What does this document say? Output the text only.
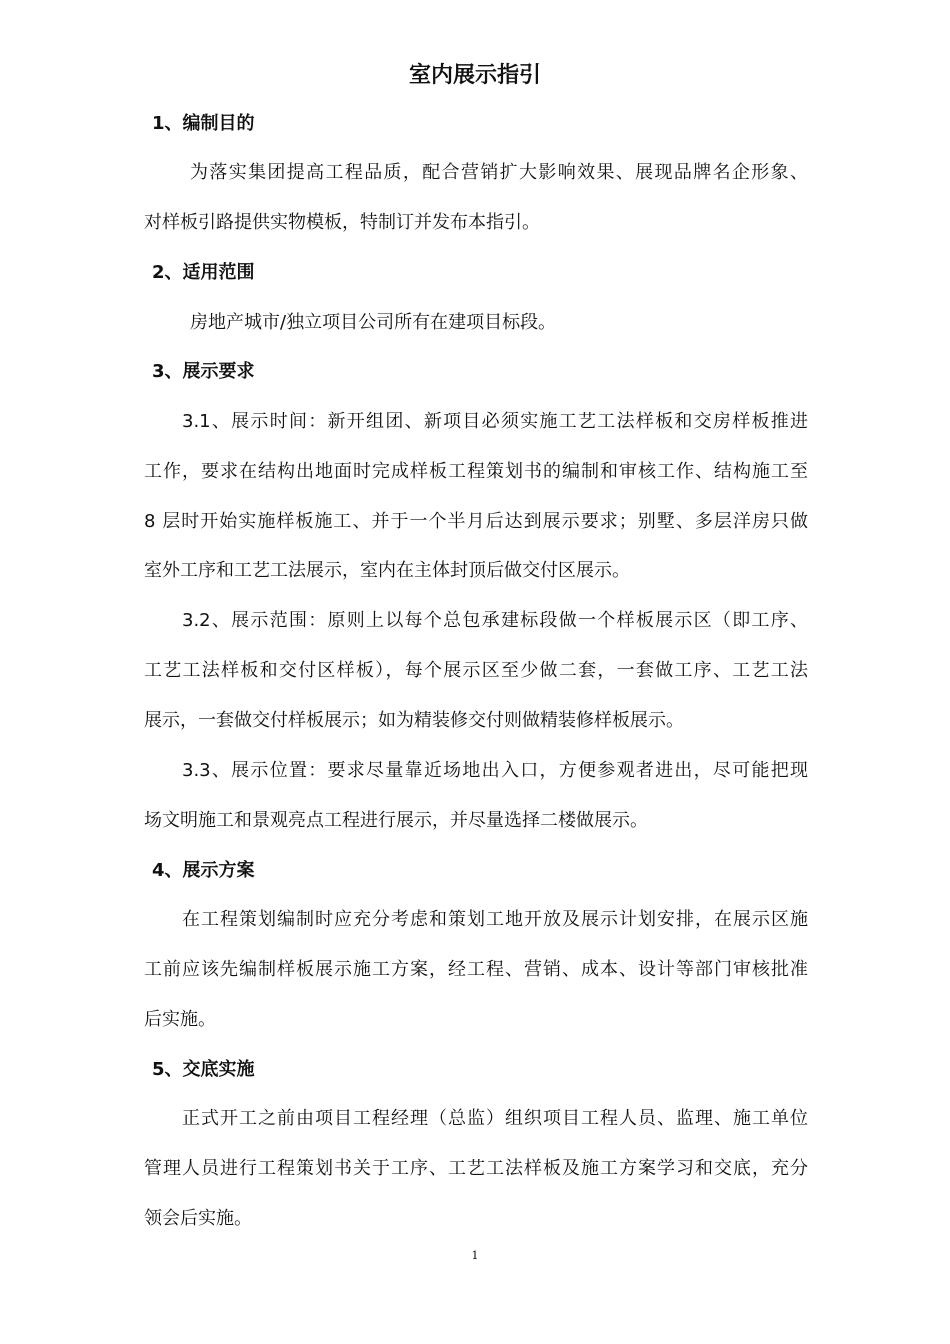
室内展示指引
1、编制目的

为落实集团提高工程品质，配合营销扩大影响效果、展现品牌名企形象、

对样板引路提供实物模板，特制订并发布本指引。

2、适用范围

房地产城市/独立项目公司所有在建项目标段。

3、展示要求

3.1、展示时间：新开组团、新项目必须实施工艺工法样板和交房样板推进

工作，要求在结构出地面时完成样板工程策划书的编制和审核工作、结构施工至

8 层时开始实施样板施工、并于一个半月后达到展示要求；别墅、多层洋房只做

室外工序和工艺工法展示，室内在主体封顶后做交付区展示。

3.2、展示范围：原则上以每个总包承建标段做一个样板展示区（即工序、

工艺工法样板和交付区样板），每个展示区至少做二套，一套做工序、工艺工法

展示，一套做交付样板展示；如为精装修交付则做精装修样板展示。

3.3、展示位置：要求尽量靠近场地出入口，方便参观者进出，尽可能把现

场文明施工和景观亮点工程进行展示，并尽量选择二楼做展示。

4、展示方案

在工程策划编制时应充分考虑和策划工地开放及展示计划安排，在展示区施

工前应该先编制样板展示施工方案，经工程、营销、成本、设计等部门审核批准

后实施。

5、交底实施

正式开工之前由项目工程经理（总监）组织项目工程人员、监理、施工单位

管理人员进行工程策划书关于工序、工艺工法样板及施工方案学习和交底，充分

领会后实施。

1
